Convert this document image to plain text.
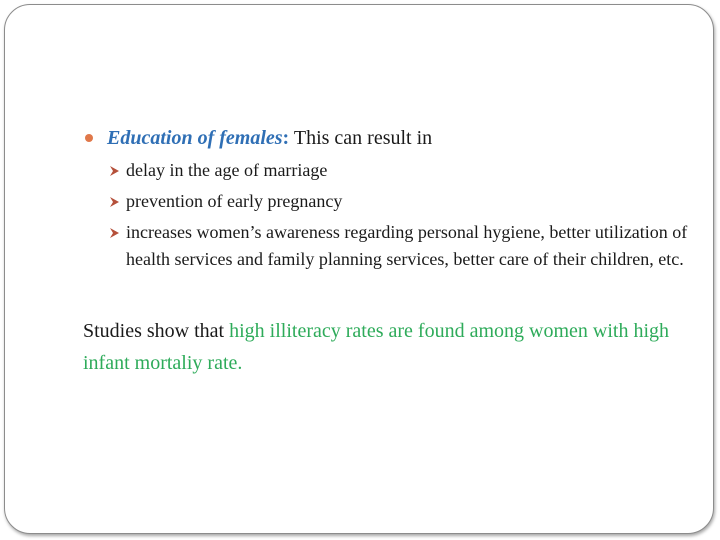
Education of females: This can result in

delay in the age of marriage
prevention of early pregnancy
increases women’s awareness regarding personal hygiene, better utilization of health services and family planning services, better care of their children, etc.

Studies show that high illiteracy rates are found among women with high infant mortaliy rate.
